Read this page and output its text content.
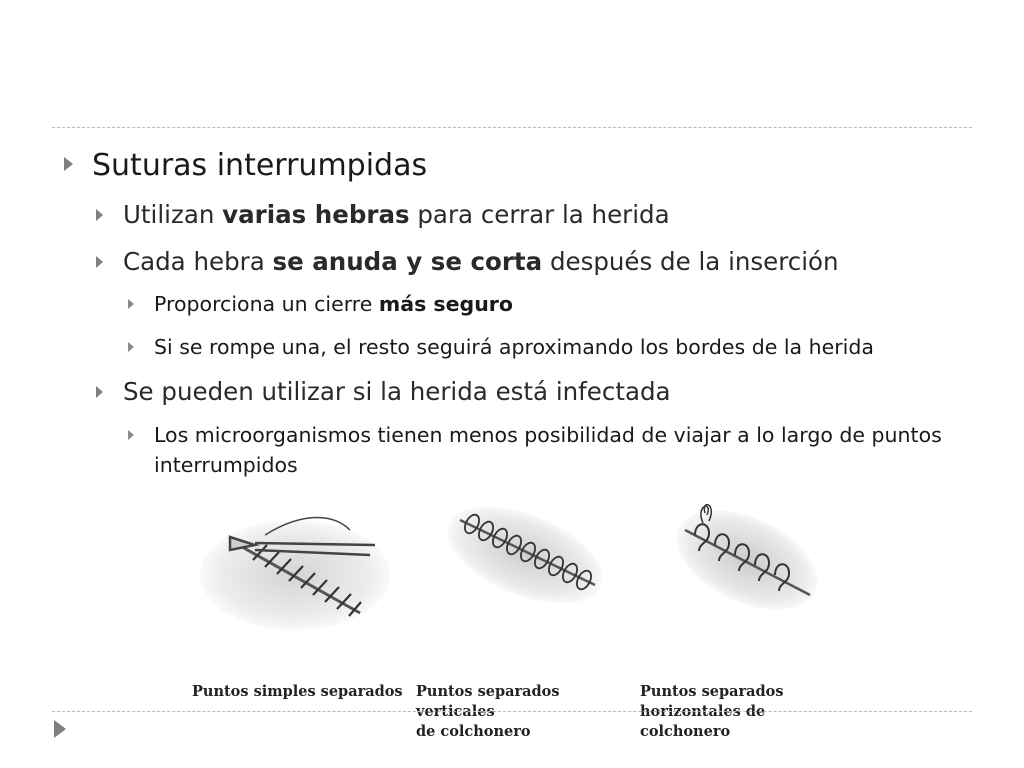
Suturas interrumpidas
Utilizan varias hebras para cerrar la herida
Cada hebra se anuda y se corta después de la inserción
Proporciona un cierre más seguro
Si se rompe una, el resto seguirá aproximando los bordes de la herida
Se pueden utilizar si la herida está infectada
Los microorganismos tienen menos posibilidad de viajar a lo largo de puntos interrumpidos
Puntos simples separados Puntos separados
verticales
de colchonero
Puntos separados
horizontales de
colchonero
